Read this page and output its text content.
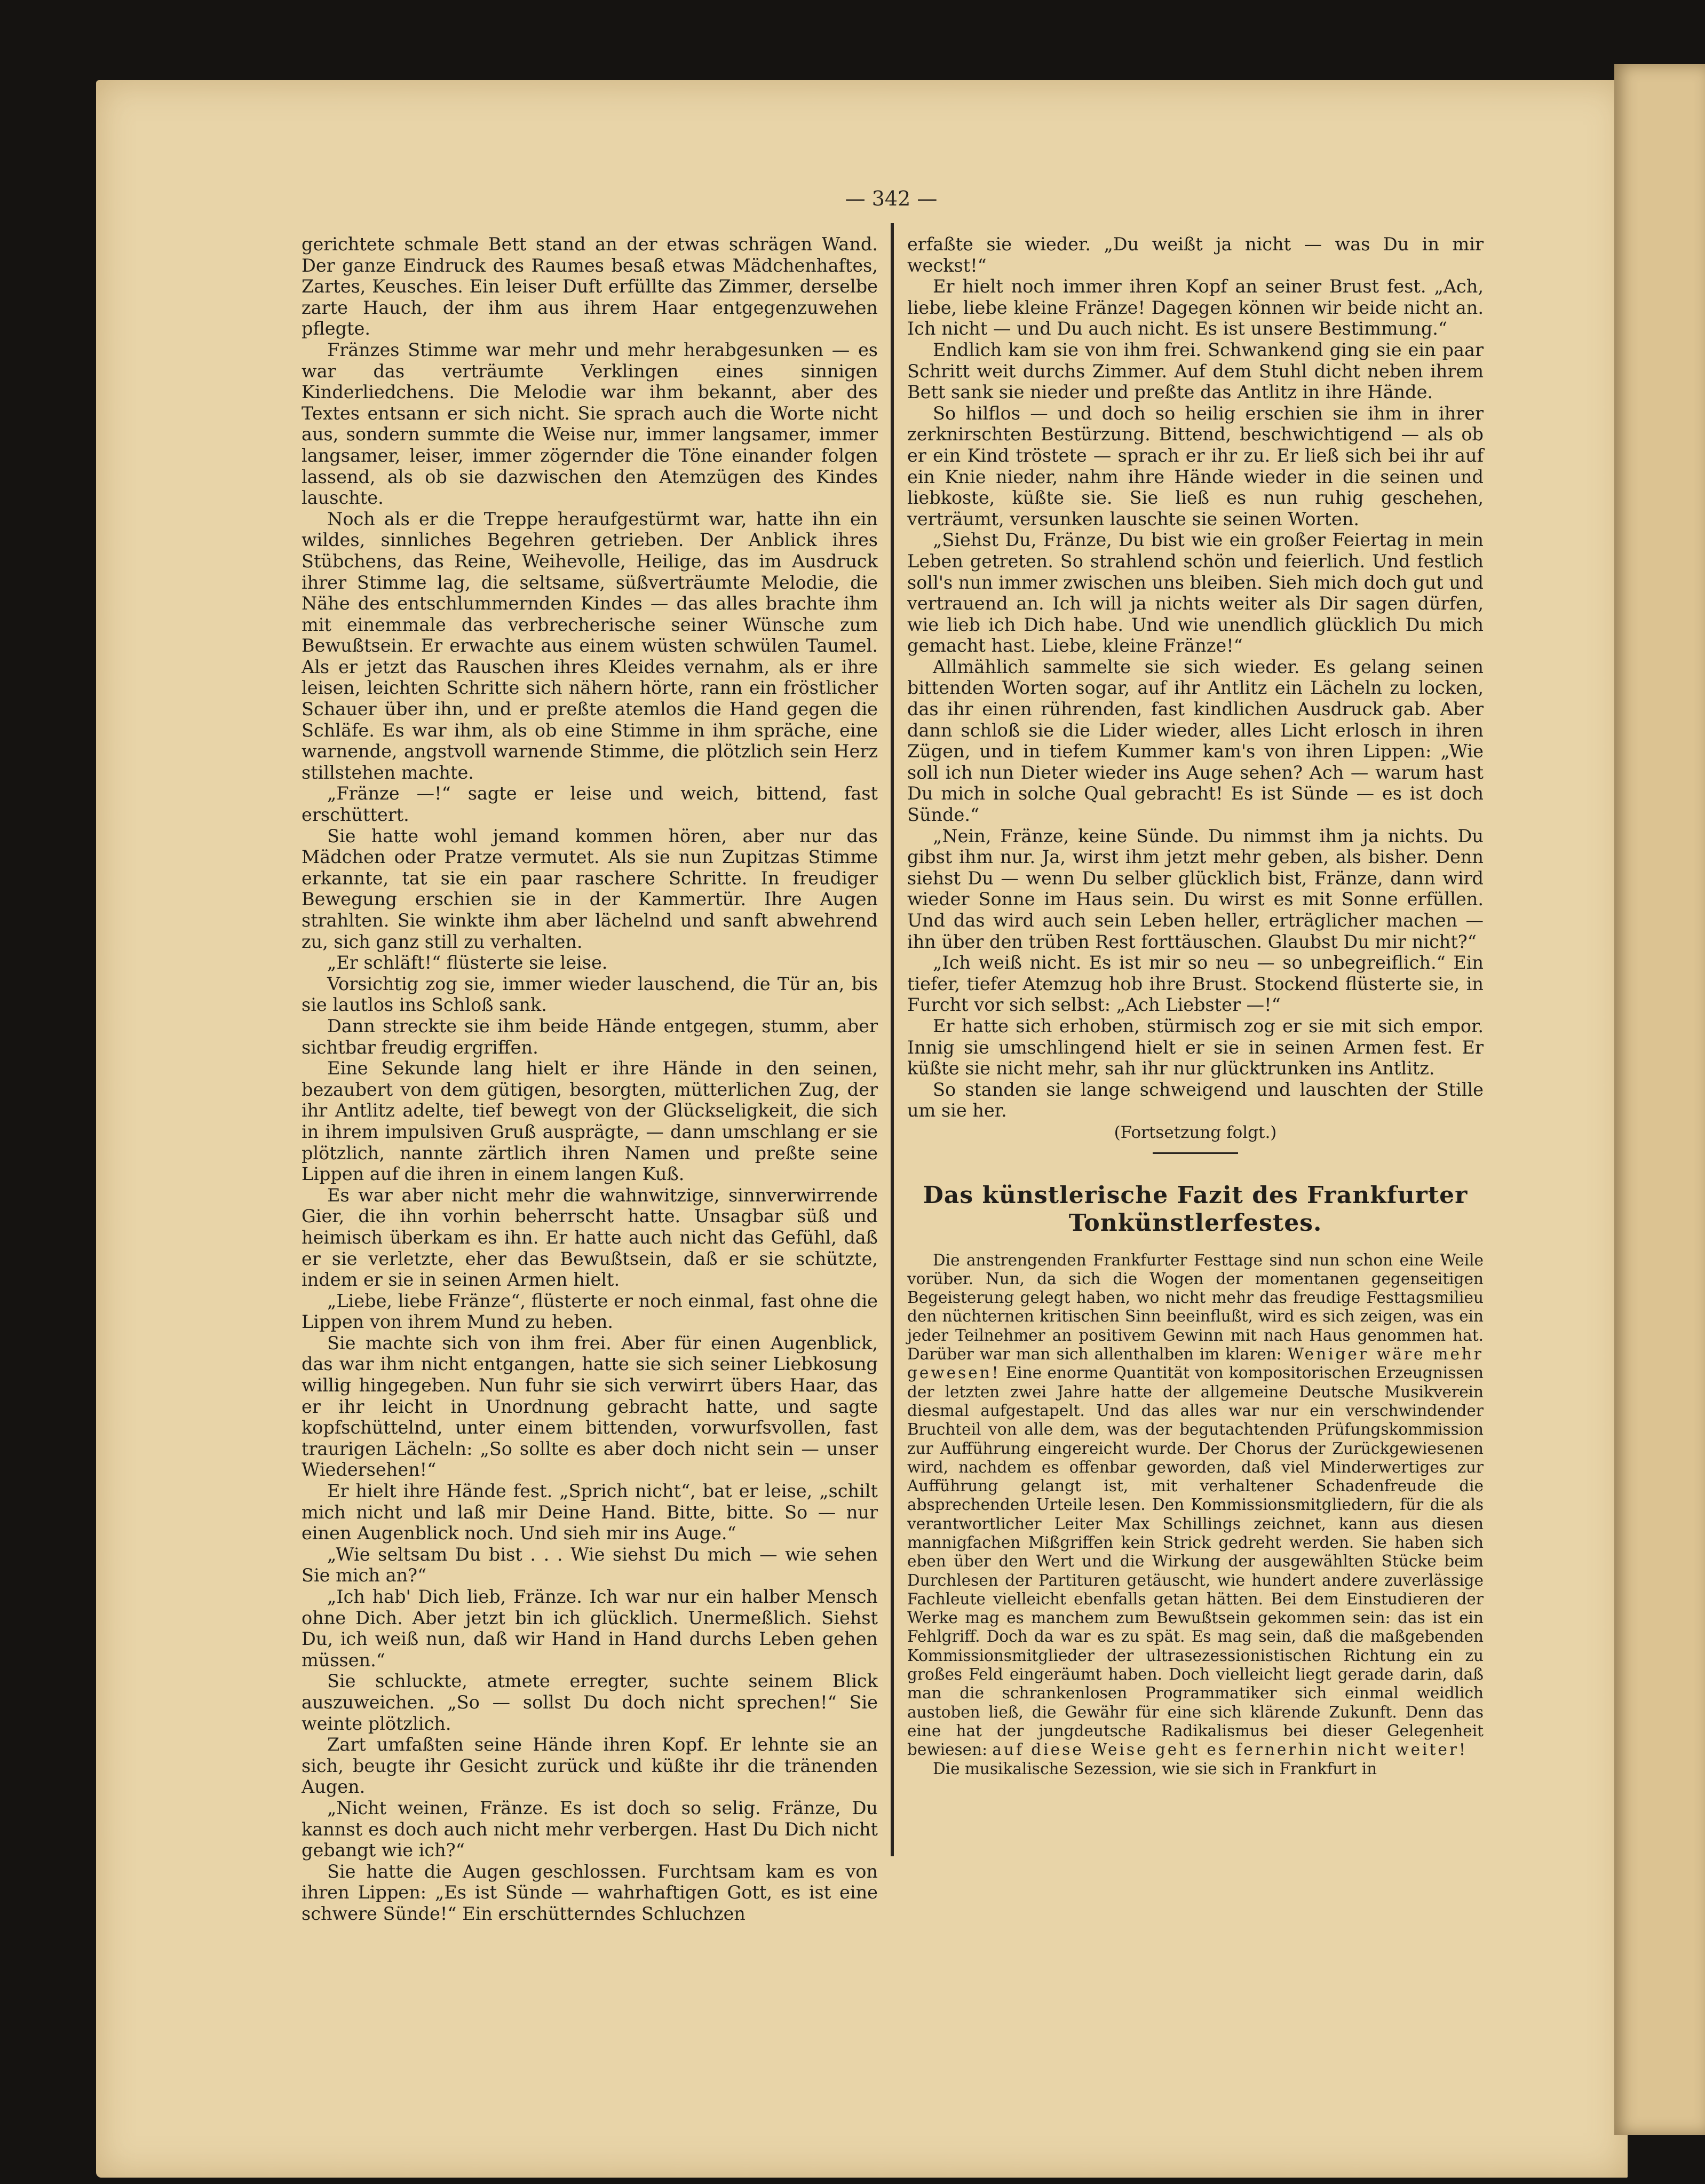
— 342 —

gerichtete schmale Bett stand an der etwas schrägen Wand. Der ganze Eindruck des Raumes besaß etwas Mädchenhaftes, Zartes, Keusches. Ein leiser Duft erfüllte das Zimmer, derselbe zarte Hauch, der ihm aus ihrem Haar entgegenzuwehen pflegte.

Fränzes Stimme war mehr und mehr herabgesunken — es war das verträumte Verklingen eines sinnigen Kinderliedchens. Die Melodie war ihm bekannt, aber des Textes entsann er sich nicht. Sie sprach auch die Worte nicht aus, sondern summte die Weise nur, immer langsamer, immer langsamer, leiser, immer zögernder die Töne einander folgen lassend, als ob sie dazwischen den Atemzügen des Kindes lauschte.

Noch als er die Treppe heraufgestürmt war, hatte ihn ein wildes, sinnliches Begehren getrieben. Der Anblick ihres Stübchens, das Reine, Weihevolle, Heilige, das im Ausdruck ihrer Stimme lag, die seltsame, süßverträumte Melodie, die Nähe des entschlummernden Kindes — das alles brachte ihm mit einemmale das verbrecherische seiner Wünsche zum Bewußtsein. Er erwachte aus einem wüsten schwülen Taumel. Als er jetzt das Rauschen ihres Kleides vernahm, als er ihre leisen, leichten Schritte sich nähern hörte, rann ein fröstlicher Schauer über ihn, und er preßte atemlos die Hand gegen die Schläfe. Es war ihm, als ob eine Stimme in ihm spräche, eine warnende, angstvoll warnende Stimme, die plötzlich sein Herz stillstehen machte.

„Fränze —!“ sagte er leise und weich, bittend, fast erschüttert.

Sie hatte wohl jemand kommen hören, aber nur das Mädchen oder Pratze vermutet. Als sie nun Zupitzas Stimme erkannte, tat sie ein paar raschere Schritte. In freudiger Bewegung erschien sie in der Kammertür. Ihre Augen strahlten. Sie winkte ihm aber lächelnd und sanft abwehrend zu, sich ganz still zu verhalten.

„Er schläft!“ flüsterte sie leise.

Vorsichtig zog sie, immer wieder lauschend, die Tür an, bis sie lautlos ins Schloß sank.

Dann streckte sie ihm beide Hände entgegen, stumm, aber sichtbar freudig ergriffen.

Eine Sekunde lang hielt er ihre Hände in den seinen, bezaubert von dem gütigen, besorgten, mütterlichen Zug, der ihr Antlitz adelte, tief bewegt von der Glückseligkeit, die sich in ihrem impulsiven Gruß ausprägte, — dann umschlang er sie plötzlich, nannte zärtlich ihren Namen und preßte seine Lippen auf die ihren in einem langen Kuß.

Es war aber nicht mehr die wahnwitzige, sinnverwirrende Gier, die ihn vorhin beherrscht hatte. Unsagbar süß und heimisch überkam es ihn. Er hatte auch nicht das Gefühl, daß er sie verletzte, eher das Bewußtsein, daß er sie schützte, indem er sie in seinen Armen hielt.

„Liebe, liebe Fränze“, flüsterte er noch einmal, fast ohne die Lippen von ihrem Mund zu heben.

Sie machte sich von ihm frei. Aber für einen Augenblick, das war ihm nicht entgangen, hatte sie sich seiner Liebkosung willig hingegeben. Nun fuhr sie sich verwirrt übers Haar, das er ihr leicht in Unordnung gebracht hatte, und sagte kopfschüttelnd, unter einem bittenden, vorwurfsvollen, fast traurigen Lächeln: „So sollte es aber doch nicht sein — unser Wiedersehen!“

Er hielt ihre Hände fest. „Sprich nicht“, bat er leise, „schilt mich nicht und laß mir Deine Hand. Bitte, bitte. So — nur einen Augenblick noch. Und sieh mir ins Auge.“

„Wie seltsam Du bist . . . Wie siehst Du mich — wie sehen Sie mich an?“

„Ich hab' Dich lieb, Fränze. Ich war nur ein halber Mensch ohne Dich. Aber jetzt bin ich glücklich. Unermeßlich. Siehst Du, ich weiß nun, daß wir Hand in Hand durchs Leben gehen müssen.“

Sie schluckte, atmete erregter, suchte seinem Blick auszuweichen. „So — sollst Du doch nicht sprechen!“ Sie weinte plötzlich.

Zart umfaßten seine Hände ihren Kopf. Er lehnte sie an sich, beugte ihr Gesicht zurück und küßte ihr die tränenden Augen.

„Nicht weinen, Fränze. Es ist doch so selig. Fränze, Du kannst es doch auch nicht mehr verbergen. Hast Du Dich nicht gebangt wie ich?“

Sie hatte die Augen geschlossen. Furchtsam kam es von ihren Lippen: „Es ist Sünde — wahrhaftigen Gott, es ist eine schwere Sünde!“ Ein erschütterndes Schluchzen

erfaßte sie wieder. „Du weißt ja nicht — was Du in mir weckst!“

Er hielt noch immer ihren Kopf an seiner Brust fest. „Ach, liebe, liebe kleine Fränze! Dagegen können wir beide nicht an. Ich nicht — und Du auch nicht. Es ist unsere Bestimmung.“

Endlich kam sie von ihm frei. Schwankend ging sie ein paar Schritt weit durchs Zimmer. Auf dem Stuhl dicht neben ihrem Bett sank sie nieder und preßte das Antlitz in ihre Hände.

So hilflos — und doch so heilig erschien sie ihm in ihrer zerknirschten Bestürzung. Bittend, beschwichtigend — als ob er ein Kind tröstete — sprach er ihr zu. Er ließ sich bei ihr auf ein Knie nieder, nahm ihre Hände wieder in die seinen und liebkoste, küßte sie. Sie ließ es nun ruhig geschehen, verträumt, versunken lauschte sie seinen Worten.

„Siehst Du, Fränze, Du bist wie ein großer Feiertag in mein Leben getreten. So strahlend schön und feierlich. Und festlich soll's nun immer zwischen uns bleiben. Sieh mich doch gut und vertrauend an. Ich will ja nichts weiter als Dir sagen dürfen, wie lieb ich Dich habe. Und wie unendlich glücklich Du mich gemacht hast. Liebe, kleine Fränze!“

Allmählich sammelte sie sich wieder. Es gelang seinen bittenden Worten sogar, auf ihr Antlitz ein Lächeln zu locken, das ihr einen rührenden, fast kindlichen Ausdruck gab. Aber dann schloß sie die Lider wieder, alles Licht erlosch in ihren Zügen, und in tiefem Kummer kam's von ihren Lippen: „Wie soll ich nun Dieter wieder ins Auge sehen? Ach — warum hast Du mich in solche Qual gebracht! Es ist Sünde — es ist doch Sünde.“

„Nein, Fränze, keine Sünde. Du nimmst ihm ja nichts. Du gibst ihm nur. Ja, wirst ihm jetzt mehr geben, als bisher. Denn siehst Du — wenn Du selber glücklich bist, Fränze, dann wird wieder Sonne im Haus sein. Du wirst es mit Sonne erfüllen. Und das wird auch sein Leben heller, erträglicher machen — ihn über den trüben Rest forttäuschen. Glaubst Du mir nicht?“

„Ich weiß nicht. Es ist mir so neu — so unbegreiflich.“ Ein tiefer, tiefer Atemzug hob ihre Brust. Stockend flüsterte sie, in Furcht vor sich selbst: „Ach Liebster —!“

Er hatte sich erhoben, stürmisch zog er sie mit sich empor. Innig sie umschlingend hielt er sie in seinen Armen fest. Er küßte sie nicht mehr, sah ihr nur glücktrunken ins Antlitz.

So standen sie lange schweigend und lauschten der Stille um sie her.

(Fortsetzung folgt.)
Das künstlerische Fazit des Frankfurter
Tonkünstlerfestes.

Die anstrengenden Frankfurter Festtage sind nun schon eine Weile vorüber. Nun, da sich die Wogen der momentanen gegenseitigen Begeisterung gelegt haben, wo nicht mehr das freudige Festtagsmilieu den nüchternen kritischen Sinn beeinflußt, wird es sich zeigen, was ein jeder Teilnehmer an positivem Gewinn mit nach Haus genommen hat. Darüber war man sich allenthalben im klaren: Weniger wäre mehr gewesen! Eine enorme Quantität von kompositorischen Erzeugnissen der letzten zwei Jahre hatte der allgemeine Deutsche Musikverein diesmal aufgestapelt. Und das alles war nur ein verschwindender Bruchteil von alle dem, was der begutachtenden Prüfungskommission zur Aufführung eingereicht wurde. Der Chorus der Zurückgewiesenen wird, nachdem es offenbar geworden, daß viel Minderwertiges zur Aufführung gelangt ist, mit verhaltener Schadenfreude die absprechenden Urteile lesen. Den Kommissionsmitgliedern, für die als verantwortlicher Leiter Max Schillings zeichnet, kann aus diesen mannigfachen Mißgriffen kein Strick gedreht werden. Sie haben sich eben über den Wert und die Wirkung der ausgewählten Stücke beim Durchlesen der Partituren getäuscht, wie hundert andere zuverlässige Fachleute vielleicht ebenfalls getan hätten. Bei dem Einstudieren der Werke mag es manchem zum Bewußtsein gekommen sein: das ist ein Fehlgriff. Doch da war es zu spät. Es mag sein, daß die maßgebenden Kommissionsmitglieder der ultrasezessionistischen Richtung ein zu großes Feld eingeräumt haben. Doch vielleicht liegt gerade darin, daß man die schrankenlosen Programmatiker sich einmal weidlich austoben ließ, die Gewähr für eine sich klärende Zukunft. Denn das eine hat der jungdeutsche Radikalismus bei dieser Gelegenheit bewiesen: auf diese Weise geht es fernerhin nicht weiter!

Die musikalische Sezession, wie sie sich in Frankfurt in
